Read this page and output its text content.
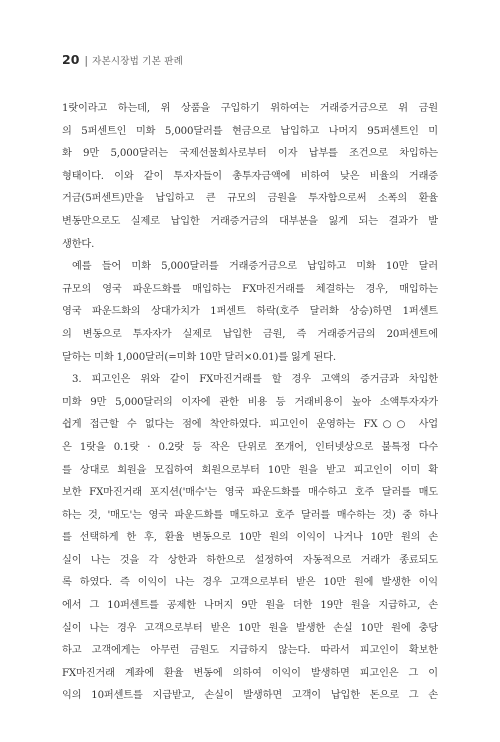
20 | 자본시장법 기본 판례
1랏이라고 하는데, 위 상품을 구입하기 위하여는 거래증거금으로 위 금원
의 5퍼센트인 미화 5,000달러를 현금으로 납입하고 나머지 95퍼센트인 미
화 9만 5,000달러는 국제선물회사로부터 이자 납부를 조건으로 차입하는
형태이다. 이와 같이 투자자들이 총투자금액에 비하여 낮은 비율의 거래증
거금(5퍼센트)만을 납입하고 큰 규모의 금원을 투자함으로써 소폭의 환율
변동만으로도 실제로 납입한 거래증거금의 대부분을 잃게 되는 결과가 발
생한다.
예를 들어 미화 5,000달러를 거래증거금으로 납입하고 미화 10만 달러
규모의 영국 파운드화를 매입하는 FX마진거래를 체결하는 경우, 매입하는
영국 파운드화의 상대가치가 1퍼센트 하락(호주 달러화 상승)하면 1퍼센트
의 변동으로 투자자가 실제로 납입한 금원, 즉 거래증거금의 20퍼센트에
달하는 미화 1,000달러(=미화 10만 달러×0.01)를 잃게 된다.
3. 피고인은 위와 같이 FX마진거래를 할 경우 고액의 증거금과 차입한
미화 9만 5,000달러의 이자에 관한 비용 등 거래비용이 높아 소액투자자가
쉽게 접근할 수 없다는 점에 착안하였다. 피고인이 운영하는 FX○○ 사업
은 1랏을 0.1랏 · 0.2랏 등 작은 단위로 쪼개어, 인터넷상으로 불특정 다수
를 상대로 회원을 모집하여 회원으로부터 10만 원을 받고 피고인이 이미 확
보한 FX마진거래 포지션('매수'는 영국 파운드화를 매수하고 호주 달러를 매도
하는 것, '매도'는 영국 파운드화를 매도하고 호주 달러를 매수하는 것) 중 하나
를 선택하게 한 후, 환율 변동으로 10만 원의 이익이 나거나 10만 원의 손
실이 나는 것을 각 상한과 하한으로 설정하여 자동적으로 거래가 종료되도
록 하였다. 즉 이익이 나는 경우 고객으로부터 받은 10만 원에 발생한 이익
에서 그 10퍼센트를 공제한 나머지 9만 원을 더한 19만 원을 지급하고, 손
실이 나는 경우 고객으로부터 받은 10만 원을 발생한 손실 10만 원에 충당
하고 고객에게는 아무런 금원도 지급하지 않는다. 따라서 피고인이 확보한
FX마진거래 계좌에 환율 변동에 의하여 이익이 발생하면 피고인은 그 이
익의 10퍼센트를 지급받고, 손실이 발생하면 고객이 납입한 돈으로 그 손
